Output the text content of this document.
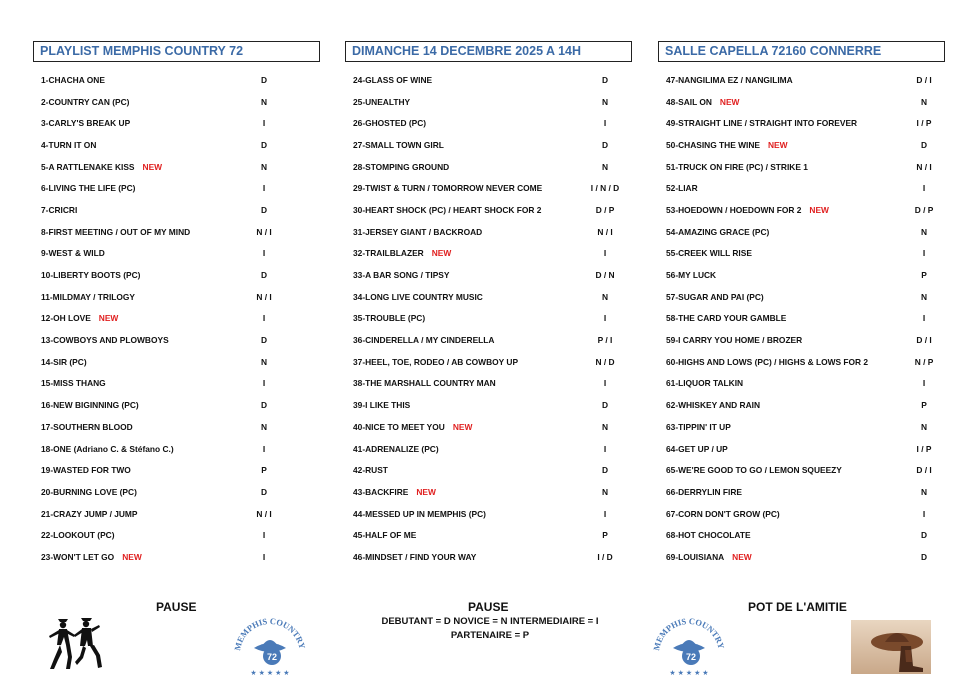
PLAYLIST MEMPHIS COUNTRY 72	DIMANCHE 14 DECEMBRE 2025 A 14H	SALLE CAPELLA 72160 CONNERRE
1-CHACHA ONE	D
2-COUNTRY CAN (PC)	N
3-CARLY'S BREAK UP	I
4-TURN IT ON	D
5-A RATTLENAKE KISS NEW	N
6-LIVING THE LIFE (PC)	I
7-CRICRI	D
8-FIRST MEETING / OUT OF MY MIND	N / I
9-WEST & WILD	I
10-LIBERTY BOOTS (PC)	D
11-MILDMAY / TRILOGY	N / I
12-OH LOVE NEW	I
13-COWBOYS AND PLOWBOYS	D
14-SIR (PC)	N
15-MISS THANG	I
16-NEW BIGINNING (PC)	D
17-SOUTHERN BLOOD	N
18-ONE (Adriano C. & Stéfano C.)	I
19-WASTED FOR TWO	P
20-BURNING LOVE (PC)	D
21-CRAZY JUMP / JUMP	N / I
22-LOOKOUT (PC)	I
23-WON'T LET GO NEW	I
24-GLASS OF WINE	D
25-UNEALTHY	N
26-GHOSTED (PC)	I
27-SMALL TOWN GIRL	D
28-STOMPING GROUND	N
29-TWIST & TURN / TOMORROW NEVER COME	I / N / D
30-HEART SHOCK (PC) / HEART SHOCK FOR 2	D / P
31-JERSEY GIANT / BACKROAD	N / I
32-TRAILBLAZER NEW	I
33-A BAR SONG / TIPSY	D / N
34-LONG LIVE COUNTRY MUSIC	N
35-TROUBLE (PC)	I
36-CINDERELLA / MY CINDERELLA	P / I
37-HEEL, TOE, RODEO / AB COWBOY UP	N / D
38-THE MARSHALL COUNTRY MAN	I
39-I LIKE THIS	D
40-NICE TO MEET YOU NEW	N
41-ADRENALIZE (PC)	I
42-RUST	D
43-BACKFIRE NEW	N
44-MESSED UP IN MEMPHIS (PC)	I
45-HALF OF ME	P
46-MINDSET / FIND YOUR WAY	I / D
47-NANGILIMA EZ / NANGILIMA	D / I
48-SAIL ON NEW	N
49-STRAIGHT LINE / STRAIGHT INTO FOREVER	I / P
50-CHASING THE WINE NEW	D
51-TRUCK ON FIRE (PC) / STRIKE 1	N / I
52-LIAR	I
53-HOEDOWN / HOEDOWN FOR 2 NEW	D / P
54-AMAZING GRACE (PC)	N
55-CREEK WILL RISE	I
56-MY LUCK	P
57-SUGAR AND PAI (PC)	N
58-THE CARD YOUR GAMBLE	I
59-I CARRY YOU HOME / BROZER	D / I
60-HIGHS AND LOWS (PC) / HIGHS & LOWS FOR 2	N / P
61-LIQUOR TALKIN	I
62-WHISKEY AND RAIN	P
63-TIPPIN' IT UP	N
64-GET UP / UP	I / P
65-WE'RE GOOD TO GO / LEMON SQUEEZY	D / I
66-DERRYLIN FIRE	N
67-CORN DON'T GROW (PC)	I
68-HOT CHOCOLATE	D
69-LOUISIANA NEW	D
PAUSE
MEMPHIS COUNTRY
72
★ ★ ★ ★ ★
PAUSE
DEBUTANT = D NOVICE = N INTERMEDIAIRE = I
PARTENAIRE = P
POT DE L'AMITIE
MEMPHIS COUNTRY
72
★ ★ ★ ★ ★
